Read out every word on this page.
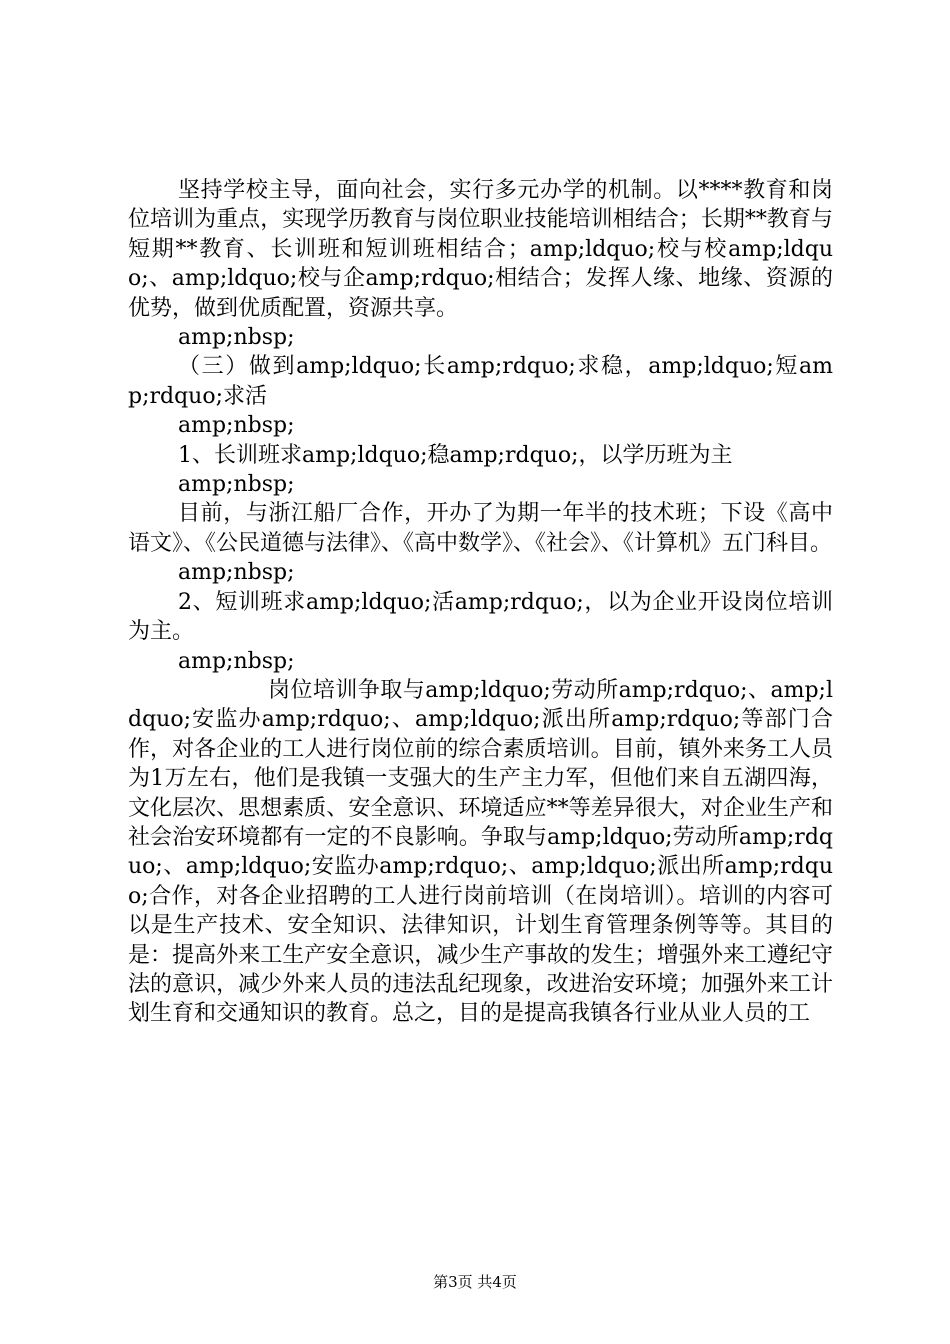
坚持学校主导，面向社会，实行多元办学的机制。以****教育和岗位培训为重点，实现学历教育与岗位职业技能培训相结合；长期**教育与短期**教育、长训班和短训班相结合；amp;ldquo;校与校amp;ldquo;、amp;ldquo;校与企amp;rdquo;相结合；发挥人缘、地缘、资源的优势，做到优质配置，资源共享。

amp;nbsp;

（三）做到amp;ldquo;长amp;rdquo;求稳，amp;ldquo;短amp;rdquo;求活

amp;nbsp;

1、长训班求amp;ldquo;稳amp;rdquo;，以学历班为主

amp;nbsp;

目前，与浙江船厂合作，开办了为期一年半的技术班；下设《高中语文》、《公民道德与法律》、《高中数学》、《社会》、《计算机》五门科目。

amp;nbsp;

2、短训班求amp;ldquo;活amp;rdquo;，以为企业开设岗位培训为主。

amp;nbsp;

岗位培训争取与amp;ldquo;劳动所amp;rdquo;、amp;ldquo;安监办amp;rdquo;、amp;ldquo;派出所amp;rdquo;等部门合作，对各企业的工人进行岗位前的综合素质培训。目前，镇外来务工人员为1万左右，他们是我镇一支强大的生产主力军，但他们来自五湖四海，文化层次、思想素质、安全意识、环境适应**等差异很大，对企业生产和社会治安环境都有一定的不良影响。争取与amp;ldquo;劳动所amp;rdquo;、amp;ldquo;安监办amp;rdquo;、amp;ldquo;派出所amp;rdquo;合作，对各企业招聘的工人进行岗前培训（在岗培训）。培训的内容可以是生产技术、安全知识、法律知识，计划生育管理条例等等。其目的是：提高外来工生产安全意识，减少生产事故的发生；增强外来工遵纪守法的意识，减少外来人员的违法乱纪现象，改进治安环境；加强外来工计划生育和交通知识的教育。总之，目的是提高我镇各行业从业人员的工

第3页 共4页
